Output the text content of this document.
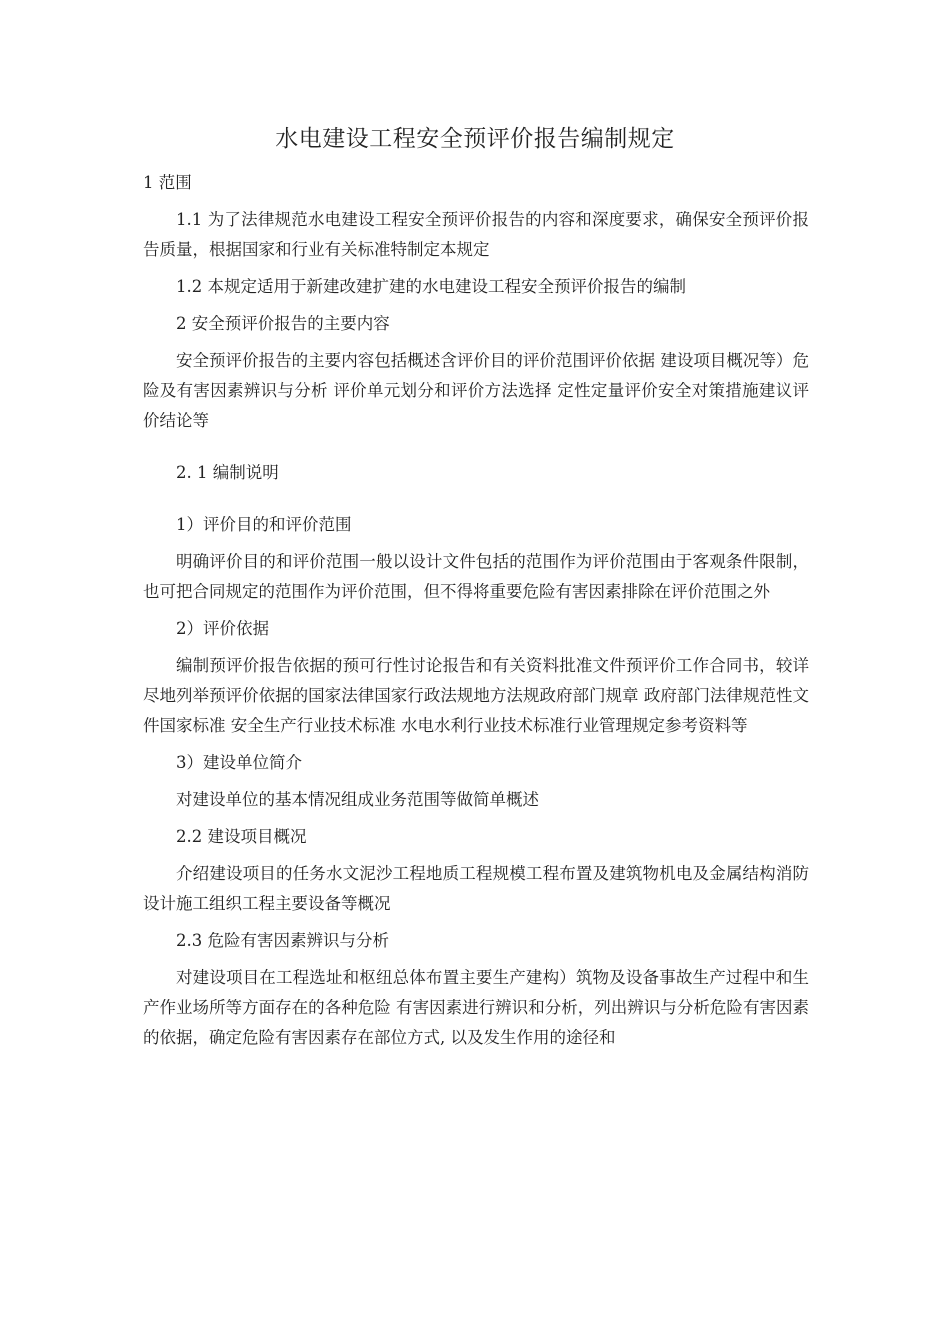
水电建设工程安全预评价报告编制规定

1 范围

1.1 为了法律规范水电建设工程安全预评价报告的内容和深度要求，确保安全预评价报告质量，根据国家和行业有关标准特制定本规定

1.2 本规定适用于新建改建扩建的水电建设工程安全预评价报告的编制

2 安全预评价报告的主要内容

安全预评价报告的主要内容包括概述含评价目的评价范围评价依据 建设项目概况等）危险及有害因素辨识与分析 评价单元划分和评价方法选择 定性定量评价安全对策措施建议评价结论等

2. 1 编制说明

1）评价目的和评价范围

明确评价目的和评价范围一般以设计文件包括的范围作为评价范围由于客观条件限制，也可把合同规定的范围作为评价范围，但不得将重要危险有害因素排除在评价范围之外

2）评价依据

编制预评价报告依据的预可行性讨论报告和有关资料批准文件预评价工作合同书，较详尽地列举预评价依据的国家法律国家行政法规地方法规政府部门规章 政府部门法律规范性文件国家标准 安全生产行业技术标准 水电水利行业技术标准行业管理规定参考资料等

3）建设单位简介

对建设单位的基本情况组成业务范围等做简单概述

2.2 建设项目概况

介绍建设项目的任务水文泥沙工程地质工程规模工程布置及建筑物机电及金属结构消防设计施工组织工程主要设备等概况

2.3 危险有害因素辨识与分析

对建设项目在工程选址和枢纽总体布置主要生产建构）筑物及设备事故生产过程中和生产作业场所等方面存在的各种危险 有害因素进行辨识和分析，列出辨识与分析危险有害因素的依据，确定危险有害因素存在部位方式, 以及发生作用的途径和
